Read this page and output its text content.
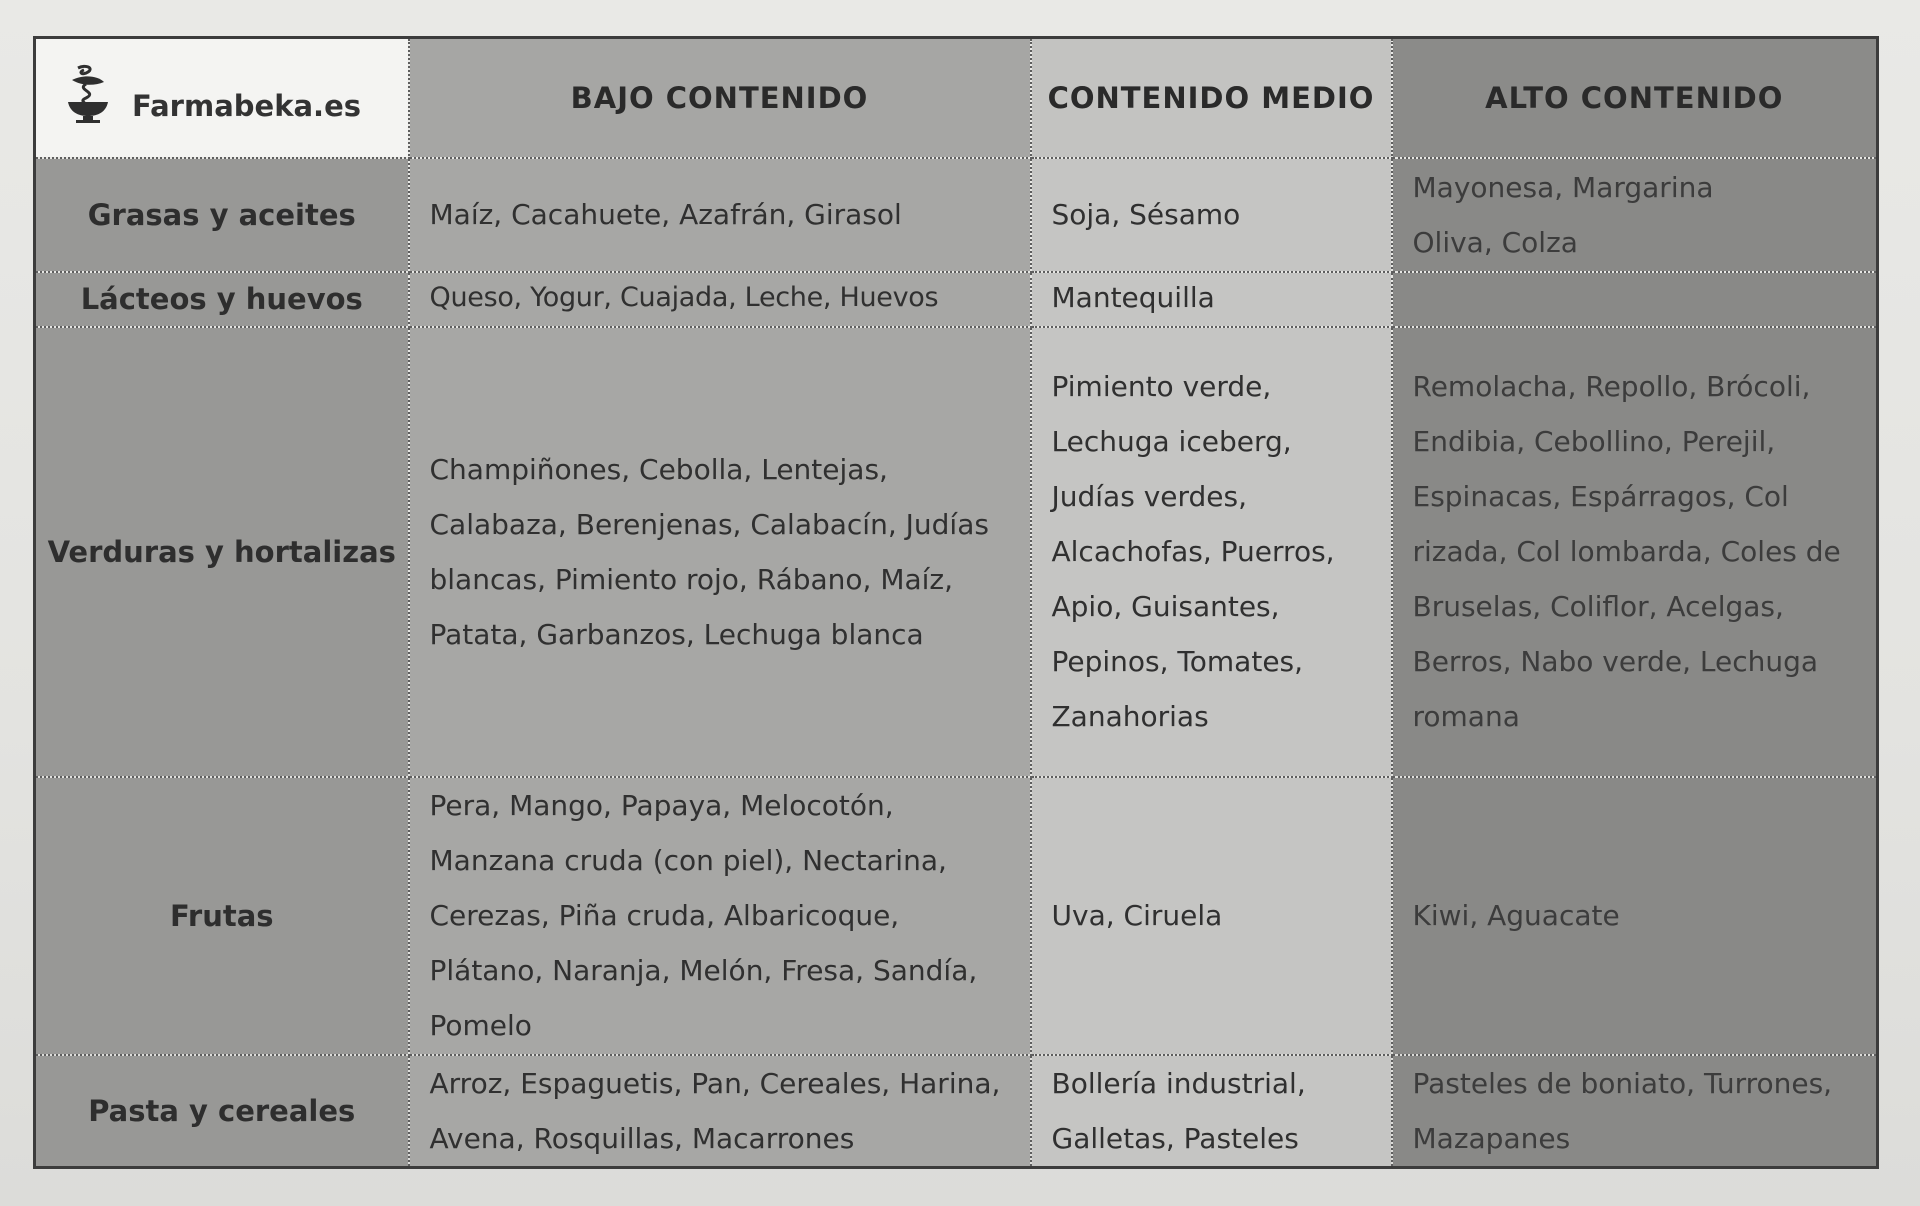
Farmabeka.es	BAJO CONTENIDO	CONTENIDO MEDIO	ALTO CONTENIDO

Grasas y aceites	Maíz, Cacahuete, Azafrán, Girasol	Soja, Sésamo	Mayonesa, Margarina Oliva, Colza

Lácteos y huevos	Queso, Yogur, Cuajada, Leche, Huevos	Mantequilla	

Verduras y hortalizas	Champiñones, Cebolla, Lentejas, Calabaza, Berenjenas, Calabacín, Judías blancas, Pimiento rojo, Rábano, Maíz, Patata, Garbanzos, Lechuga blanca	Pimiento verde, Lechuga iceberg, Judías verdes, Alcachofas, Puerros, Apio, Guisantes, Pepinos, Tomates, Zanahorias	Remolacha, Repollo, Brócoli, Endibia, Cebollino, Perejil, Espinacas, Espárragos, Col rizada, Col lombarda, Coles de Bruselas, Coliflor, Acelgas, Berros, Nabo verde, Lechuga romana

Frutas	Pera, Mango, Papaya, Melocotón, Manzana cruda (con piel), Nectarina, Cerezas, Piña cruda, Albaricoque, Plátano, Naranja, Melón, Fresa, Sandía, Pomelo	Uva, Ciruela	Kiwi, Aguacate

Pasta y cereales	Arroz, Espaguetis, Pan, Cereales, Harina, Avena, Rosquillas, Macarrones	Bollería industrial, Galletas, Pasteles	Pasteles de boniato, Turrones, Mazapanes
